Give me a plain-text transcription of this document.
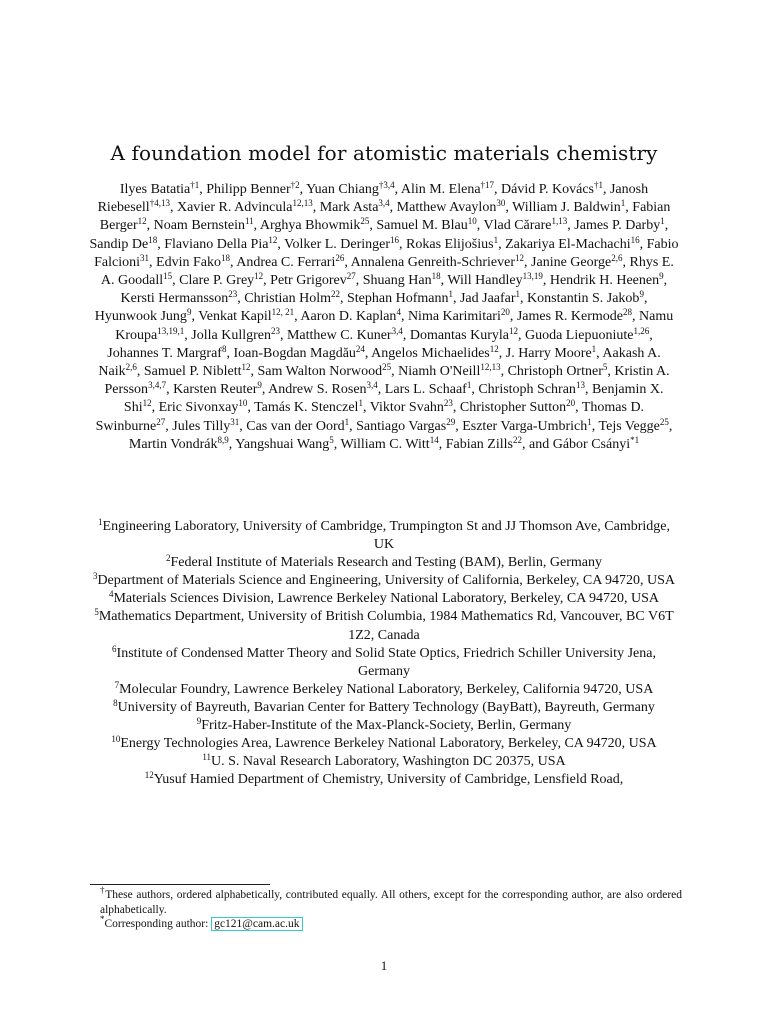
A foundation model for atomistic materials chemistry
Ilyes Batatia$^{\dagger 1}$, Philipp Benner$^{\dagger 2}$, Yuan Chiang$^{\dagger 3,4}$, Alin M. Elena$^{\dagger 17}$, Dávid P. Kovács$^{\dagger 1}$, Janosh Riebesell$^{\dagger 4,13}$, Xavier R. Advincula$^{12,13}$, Mark Asta$^{3,4}$, Matthew Avaylon$^{30}$, William J. Baldwin$^1$, Fabian Berger$^{12}$, Noam Bernstein$^{11}$, Arghya Bhowmik$^{25}$, Samuel M. Blau$^{10}$, Vlad Cărare$^{1,13}$, James P. Darby$^1$, Sandip De$^{18}$, Flaviano Della Pia$^{12}$, Volker L. Deringer$^{16}$, Rokas Elijošius$^1$, Zakariya El-Machachi$^{16}$, Fabio Falcioni$^{31}$, Edvin Fako$^{18}$, Andrea C. Ferrari$^{26}$, Annalena Genreith-Schriever$^{12}$, Janine George$^{2,6}$, Rhys E. A. Goodall$^{15}$, Clare P. Grey$^{12}$, Petr Grigorev$^{27}$, Shuang Han$^{18}$, Will Handley$^{13,19}$, Hendrik H. Heenen$^9$, Kersti Hermansson$^{23}$, Christian Holm$^{22}$, Stephan Hofmann$^1$, Jad Jaafar$^1$, Konstantin S. Jakob$^9$, Hyunwook Jung$^9$, Venkat Kapil$^{12, 21}$, Aaron D. Kaplan$^4$, Nima Karimitari$^{20}$, James R. Kermode$^{28}$, Namu Kroupa$^{13,19,1}$, Jolla Kullgren$^{23}$, Matthew C. Kuner$^{3,4}$, Domantas Kuryla$^{12}$, Guoda Liepuoniute$^{1,26}$, Johannes T. Margraf$^8$, Ioan-Bogdan Magdău$^{24}$, Angelos Michaelides$^{12}$, J. Harry Moore$^1$, Aakash A. Naik$^{2,6}$, Samuel P. Niblett$^{12}$, Sam Walton Norwood$^{25}$, Niamh O'Neill$^{12,13}$, Christoph Ortner$^5$, Kristin A. Persson$^{3,4,7}$, Karsten Reuter$^9$, Andrew S. Rosen$^{3,4}$, Lars L. Schaaf$^1$, Christoph Schran$^{13}$, Benjamin X. Shi$^{12}$, Eric Sivonxay$^{10}$, Tamás K. Stenczel$^1$, Viktor Svahn$^{23}$, Christopher Sutton$^{20}$, Thomas D. Swinburne$^{27}$, Jules Tilly$^{31}$, Cas van der Oord$^1$, Santiago Vargas$^{29}$, Eszter Varga-Umbrich$^1$, Tejs Vegge$^{25}$, Martin Vondrák$^{8,9}$, Yangshuai Wang$^5$, William C. Witt$^{14}$, Fabian Zills$^{22}$, and Gábor Csányi$^{*1}$
$^1$Engineering Laboratory, University of Cambridge, Trumpington St and JJ Thomson Ave, Cambridge, UK
$^2$Federal Institute of Materials Research and Testing (BAM), Berlin, Germany
$^3$Department of Materials Science and Engineering, University of California, Berkeley, CA 94720, USA
$^4$Materials Sciences Division, Lawrence Berkeley National Laboratory, Berkeley, CA 94720, USA
$^5$Mathematics Department, University of British Columbia, 1984 Mathematics Rd, Vancouver, BC V6T 1Z2, Canada
$^6$Institute of Condensed Matter Theory and Solid State Optics, Friedrich Schiller University Jena, Germany
$^7$Molecular Foundry, Lawrence Berkeley National Laboratory, Berkeley, California 94720, USA
$^8$University of Bayreuth, Bavarian Center for Battery Technology (BayBatt), Bayreuth, Germany
$^9$Fritz-Haber-Institute of the Max-Planck-Society, Berlin, Germany
$^{10}$Energy Technologies Area, Lawrence Berkeley National Laboratory, Berkeley, CA 94720, USA
$^{11}$U. S. Naval Research Laboratory, Washington DC 20375, USA
$^{12}$Yusuf Hamied Department of Chemistry, University of Cambridge, Lensfield Road,
†These authors, ordered alphabetically, contributed equally. All others, except for the corresponding author, are also ordered alphabetically.
*Corresponding author: gc121@cam.ac.uk
1
